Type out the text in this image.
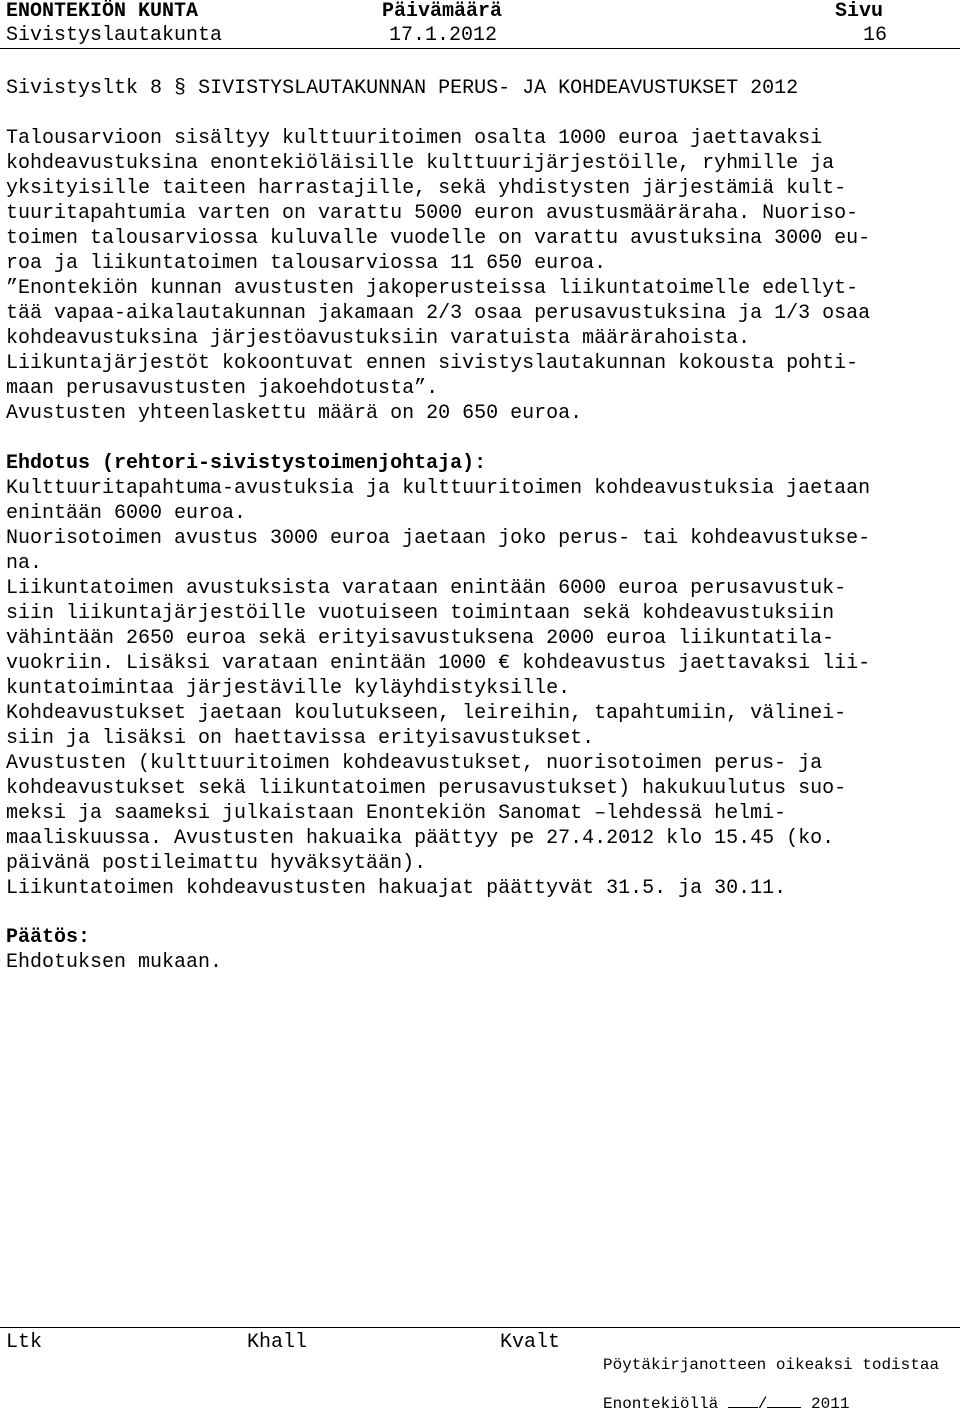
ENONTEKIÖN KUNTA	Päivämäärä	Sivu
Sivistyslautakunta	17.1.2012	16
Sivistysltk 8 § SIVISTYSLAUTAKUNNAN PERUS- JA KOHDEAVUSTUKSET 2012
Talousarvioon sisältyy kulttuuritoimen osalta 1000 euroa jaettavaksi
kohdeavustuksina enontekiöläisille kulttuurijärjestöille, ryhmille ja
yksityisille taiteen harrastajille, sekä yhdistysten järjestämiä kult-
tuuritapahtumia varten on varattu 5000 euron avustusmääräraha. Nuoriso-
toimen talousarviossa kuluvalle vuodelle on varattu avustuksina 3000 eu-
roa ja liikuntatoimen talousarviossa 11 650 euroa.
”Enontekiön kunnan avustusten jakoperusteissa liikuntatoimelle edellyt-
tää vapaa-aikalautakunnan jakamaan 2/3 osaa perusavustuksina ja 1/3 osaa
kohdeavustuksina järjestöavustuksiin varatuista määrärahoista.
Liikuntajärjestöt kokoontuvat ennen sivistyslautakunnan kokousta pohti-
maan perusavustusten jakoehdotusta”.
Avustusten yhteenlaskettu määrä on 20 650 euroa.
Ehdotus (rehtori-sivistystoimenjohtaja):
Kulttuuritapahtuma-avustuksia ja kulttuuritoimen kohdeavustuksia jaetaan
enintään 6000 euroa.
Nuorisotoimen avustus 3000 euroa jaetaan joko perus- tai kohdeavustukse-
na.
Liikuntatoimen avustuksista varataan enintään 6000 euroa perusavustuk-
siin liikuntajärjestöille vuotuiseen toimintaan sekä kohdeavustuksiin
vähintään 2650 euroa sekä erityisavustuksena 2000 euroa liikuntatila-
vuokriin. Lisäksi varataan enintään 1000 € kohdeavustus jaettavaksi lii-
kuntatoimintaa järjestäville kyläyhdistyksille.
Kohdeavustukset jaetaan koulutukseen, leireihin, tapahtumiin, välinei-
siin ja lisäksi on haettavissa erityisavustukset.
Avustusten (kulttuuritoimen kohdeavustukset, nuorisotoimen perus- ja
kohdeavustukset sekä liikuntatoimen perusavustukset) hakukuulutus suo-
meksi ja saameksi julkaistaan Enontekiön Sanomat –lehdessä helmi-
maaliskuussa. Avustusten hakuaika päättyy pe 27.4.2012 klo 15.45 (ko.
päivänä postileimattu hyväksytään).
Liikuntatoimen kohdeavustusten hakuajat päättyvät 31.5. ja 30.11.
Päätös:
Ehdotuksen mukaan.
Ltk	Khall	Kvalt
Pöytäkirjanotteen oikeaksi todistaa
Enontekiöllä /	2011
